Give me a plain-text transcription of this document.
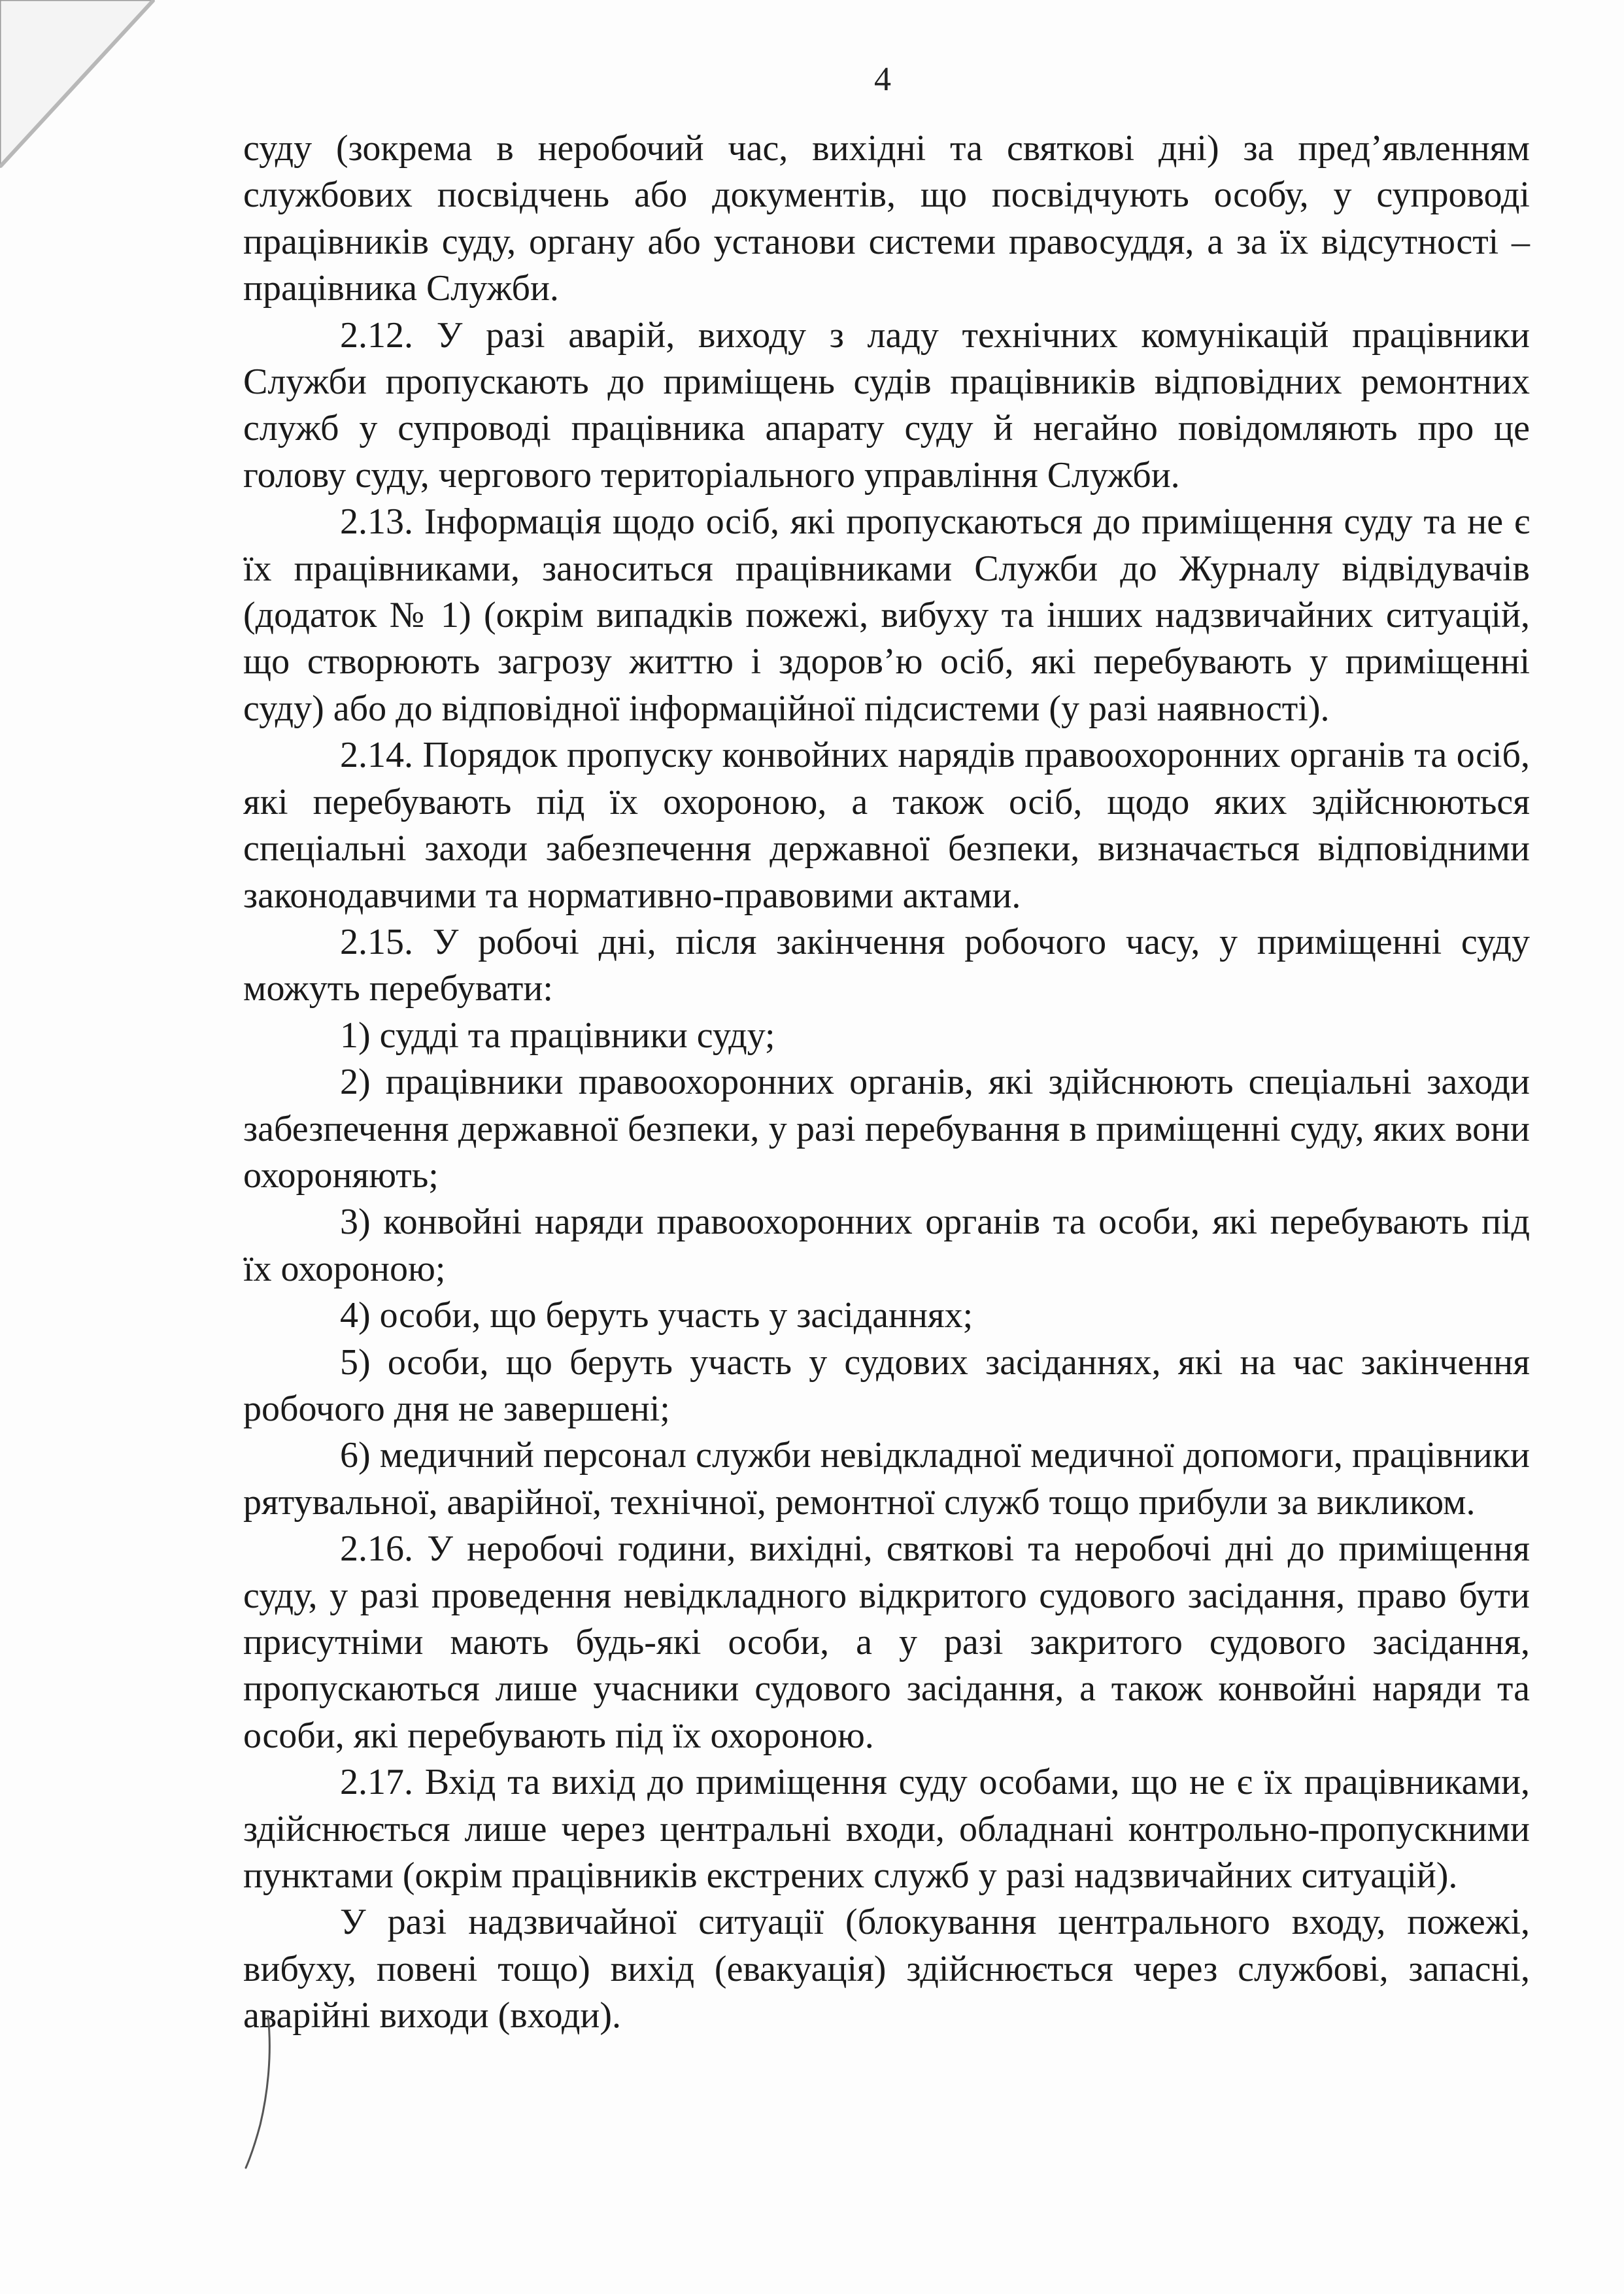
4

суду (зокрема в неробочий час, вихідні та святкові дні) за пред’явленням службових посвідчень або документів, що посвідчують особу, у супроводі працівників суду, органу або установи системи правосуддя, а за їх відсутності – працівника Служби.

2.12. У разі аварій, виходу з ладу технічних комунікацій працівники Служби пропускають до приміщень судів працівників відповідних ремонтних служб у супроводі працівника апарату суду й негайно повідомляють про це голову суду, чергового територіального управління Служби.

2.13. Інформація щодо осіб, які пропускаються до приміщення суду та не є їх працівниками, заноситься працівниками Служби до Журналу відвідувачів (додаток № 1) (окрім випадків пожежі, вибуху та інших надзвичайних ситуацій, що створюють загрозу життю і здоров’ю осіб, які перебувають у приміщенні суду) або до відповідної інформаційної підсистеми (у разі наявності).

2.14. Порядок пропуску конвойних нарядів правоохоронних органів та осіб, які перебувають під їх охороною, а також осіб, щодо яких здійснюються спеціальні заходи забезпечення державної безпеки, визначається відповідними законодавчими та нормативно-правовими актами.

2.15. У робочі дні, після закінчення робочого часу, у приміщенні суду можуть перебувати:

1) судді та працівники суду;

2) працівники правоохоронних органів, які здійснюють спеціальні заходи забезпечення державної безпеки, у разі перебування в приміщенні суду, яких вони охороняють;

3) конвойні наряди правоохоронних органів та особи, які перебувають під їх охороною;

4) особи, що беруть участь у засіданнях;

5) особи, що беруть участь у судових засіданнях, які на час закінчення робочого дня не завершені;

6) медичний персонал служби невідкладної медичної допомоги, працівники рятувальної, аварійної, технічної, ремонтної служб тощо прибули за викликом.

2.16. У неробочі години, вихідні, святкові та неробочі дні до приміщення суду, у разі проведення невідкладного відкритого судового засідання, право бути присутніми мають будь-які особи, а у разі закритого судового засідання, пропускаються лише учасники судового засідання, а також конвойні наряди та особи, які перебувають під їх охороною.

2.17. Вхід та вихід до приміщення суду особами, що не є їх працівниками, здійснюється лише через центральні входи, обладнані контрольно-пропускними пунктами (окрім працівників екстрених служб у разі надзвичайних ситуацій).

У разі надзвичайної ситуації (блокування центрального входу, пожежі, вибуху, повені тощо) вихід (евакуація) здійснюється через службові, запасні, аварійні виходи (входи).
